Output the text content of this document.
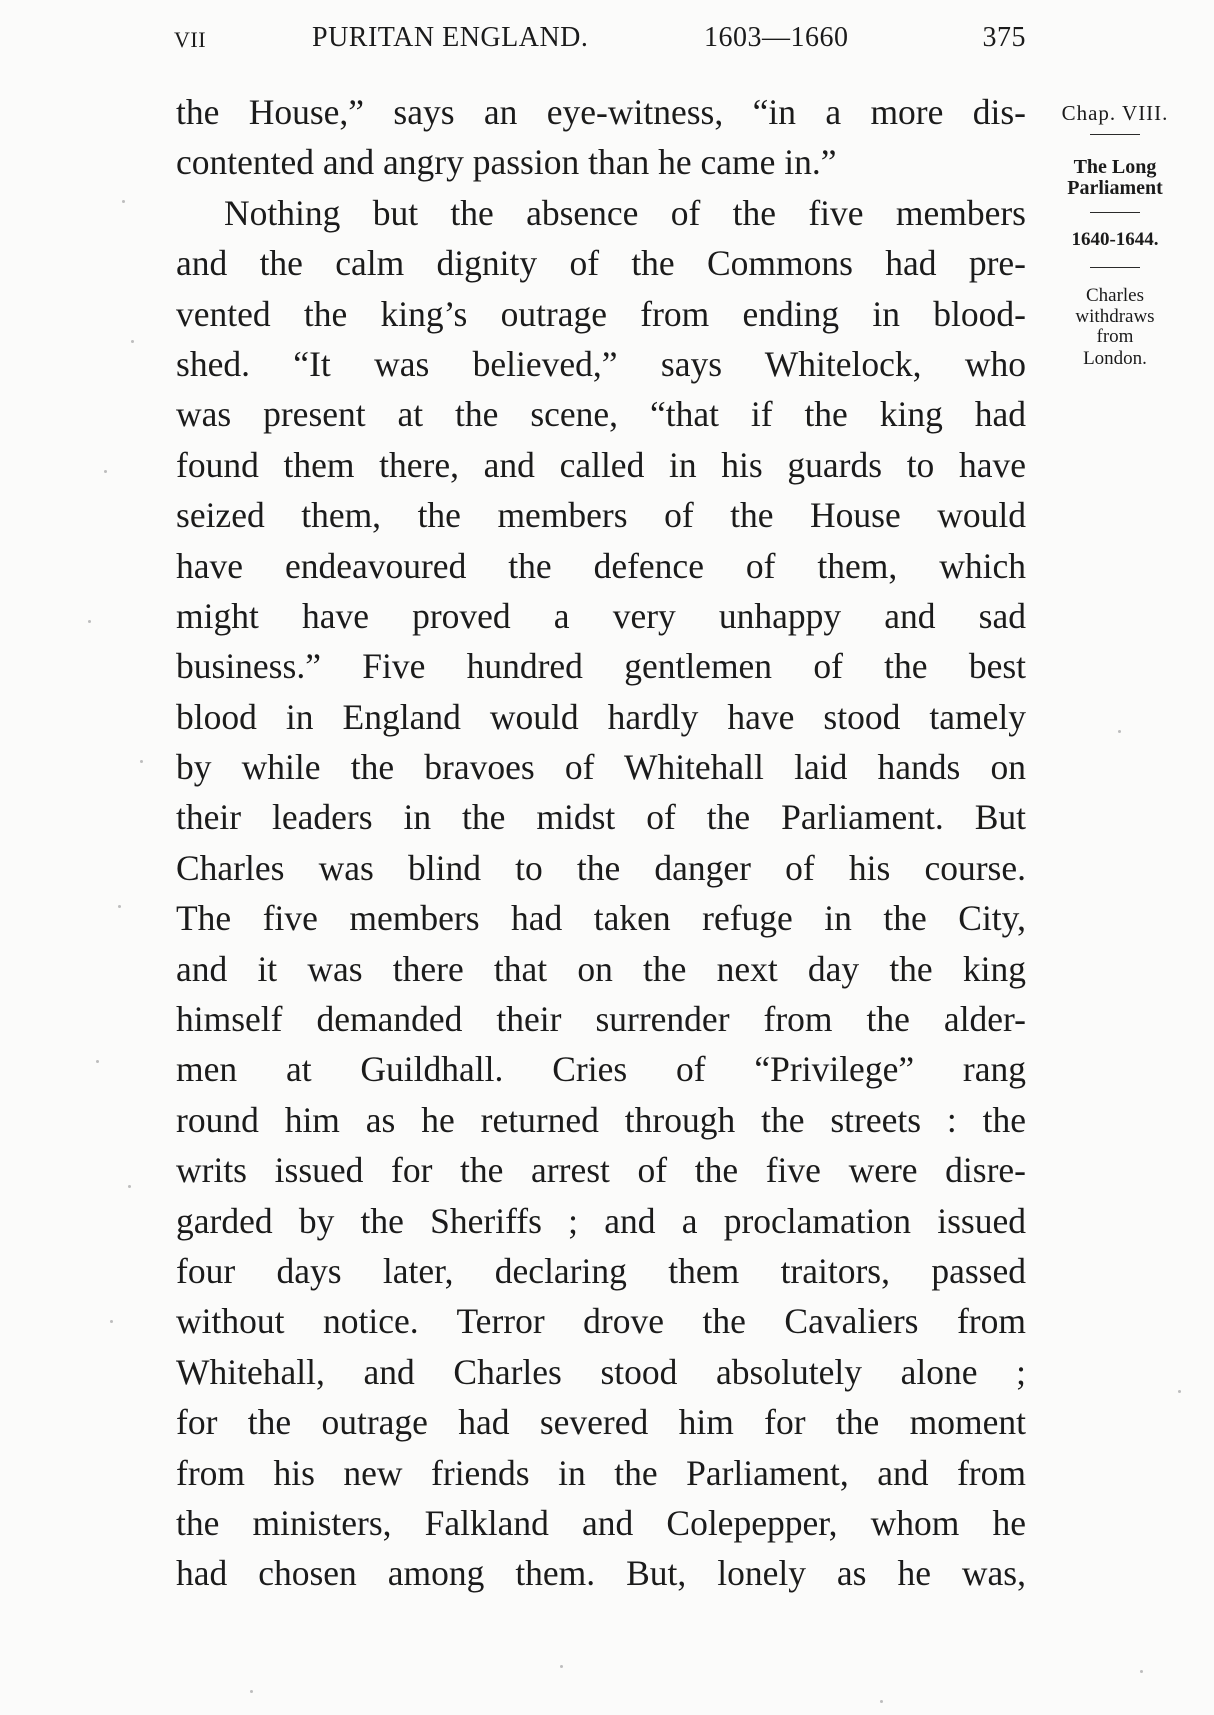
VII	PURITAN ENGLAND.	1603—1660	375
the House,” says an eye-witness, “in a more dis-
contented and angry passion than he came in.”
Nothing but the absence of the five members
and the calm dignity of the Commons had pre-
vented the king’s outrage from ending in blood-
shed. “It was believed,” says Whitelock, who
was present at the scene, “that if the king had
found them there, and called in his guards to have
seized them, the members of the House would
have endeavoured the defence of them, which
might have proved a very unhappy and sad
business.” Five hundred gentlemen of the best
blood in England would hardly have stood tamely
by while the bravoes of Whitehall laid hands on
their leaders in the midst of the Parliament. But
Charles was blind to the danger of his course.
The five members had taken refuge in the City,
and it was there that on the next day the king
himself demanded their surrender from the alder-
men at Guildhall. Cries of “Privilege” rang
round him as he returned through the streets : the
writs issued for the arrest of the five were disre-
garded by the Sheriffs ; and a proclamation issued
four days later, declaring them traitors, passed
without notice. Terror drove the Cavaliers from
Whitehall, and Charles stood absolutely alone ;
for the outrage had severed him for the moment
from his new friends in the Parliament, and from
the ministers, Falkland and Colepepper, whom he
had chosen among them. But, lonely as he was,
Chap. VIII.
The Long
Parliament
1640-1644.
Charles
withdraws
from
London.
